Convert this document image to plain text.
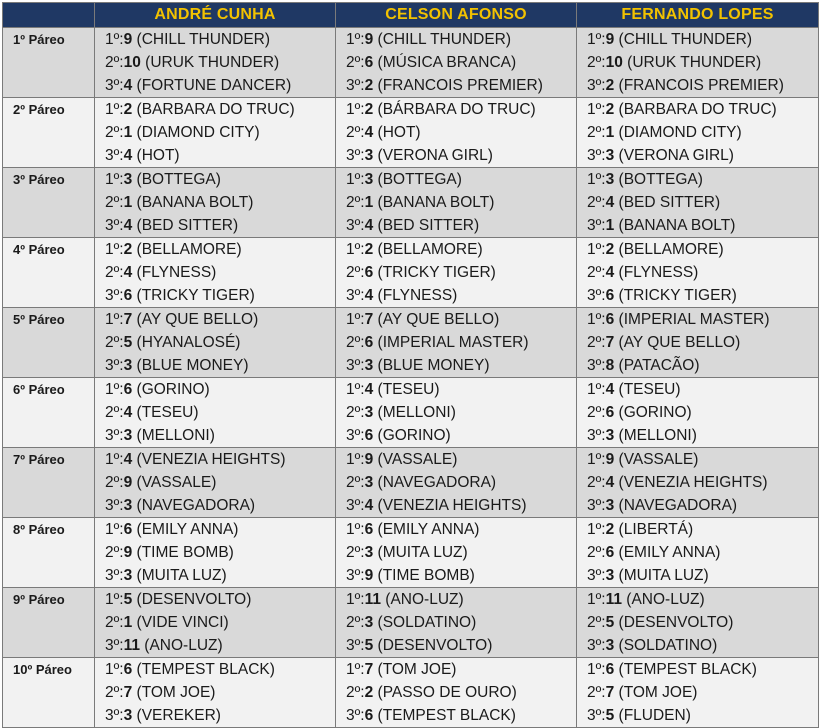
	ANDRÉ CUNHA	CELSON AFONSO	FERNANDO LOPES
1º Páreo	1º:9 (CHILL THUNDER)
2º:10 (URUK THUNDER)
3º:4 (FORTUNE DANCER)	1º:9 (CHILL THUNDER)
2º:6 (MÚSICA BRANCA)
3º:2 (FRANCOIS PREMIER)	1º:9 (CHILL THUNDER)
2º:10 (URUK THUNDER)
3º:2 (FRANCOIS PREMIER)

2º Páreo	1º:2 (BARBARA DO TRUC)
2º:1 (DIAMOND CITY)
3º:4 (HOT)	1º:2 (BÁRBARA DO TRUC)
2º:4 (HOT)
3º:3 (VERONA GIRL)	1º:2 (BARBARA DO TRUC)
2º:1 (DIAMOND CITY)
3º:3 (VERONA GIRL)

3º Páreo	1º:3 (BOTTEGA)
2º:1 (BANANA BOLT)
3º:4 (BED SITTER)	1º:3 (BOTTEGA)
2º:1 (BANANA BOLT)
3º:4 (BED SITTER)	1º:3 (BOTTEGA)
2º:4 (BED SITTER)
3º:1 (BANANA BOLT)

4º Páreo	1º:2 (BELLAMORE)
2º:4 (FLYNESS)
3º:6 (TRICKY TIGER)	1º:2 (BELLAMORE)
2º:6 (TRICKY TIGER)
3º:4 (FLYNESS)	1º:2 (BELLAMORE)
2º:4 (FLYNESS)
3º:6 (TRICKY TIGER)

5º Páreo	1º:7 (AY QUE BELLO)
2º:5 (HYANALOSÉ)
3º:3 (BLUE MONEY)	1º:7 (AY QUE BELLO)
2º:6 (IMPERIAL MASTER)
3º:3 (BLUE MONEY)	1º:6 (IMPERIAL MASTER)
2º:7 (AY QUE BELLO)
3º:8 (PATACÃO)

6º Páreo	1º:6 (GORINO)
2º:4 (TESEU)
3º:3 (MELLONI)	1º:4 (TESEU)
2º:3 (MELLONI)
3º:6 (GORINO)	1º:4 (TESEU)
2º:6 (GORINO)
3º:3 (MELLONI)

7º Páreo	1º:4 (VENEZIA HEIGHTS)
2º:9 (VASSALE)
3º:3 (NAVEGADORA)	1º:9 (VASSALE)
2º:3 (NAVEGADORA)
3º:4 (VENEZIA HEIGHTS)	1º:9 (VASSALE)
2º:4 (VENEZIA HEIGHTS)
3º:3 (NAVEGADORA)

8º Páreo	1º:6 (EMILY ANNA)
2º:9 (TIME BOMB)
3º:3 (MUITA LUZ)	1º:6 (EMILY ANNA)
2º:3 (MUITA LUZ)
3º:9 (TIME BOMB)	1º:2 (LIBERTÁ)
2º:6 (EMILY ANNA)
3º:3 (MUITA LUZ)

9º Páreo	1º:5 (DESENVOLTO)
2º:1 (VIDE VINCI)
3º:11 (ANO-LUZ)	1º:11 (ANO-LUZ)
2º:3 (SOLDATINO)
3º:5 (DESENVOLTO)	1º:11 (ANO-LUZ)
2º:5 (DESENVOLTO)
3º:3 (SOLDATINO)

10º Páreo	1º:6 (TEMPEST BLACK)
2º:7 (TOM JOE)
3º:3 (VEREKER)	1º:7 (TOM JOE)
2º:2 (PASSO DE OURO)
3º:6 (TEMPEST BLACK)	1º:6 (TEMPEST BLACK)
2º:7 (TOM JOE)
3º:5 (FLUDEN)
